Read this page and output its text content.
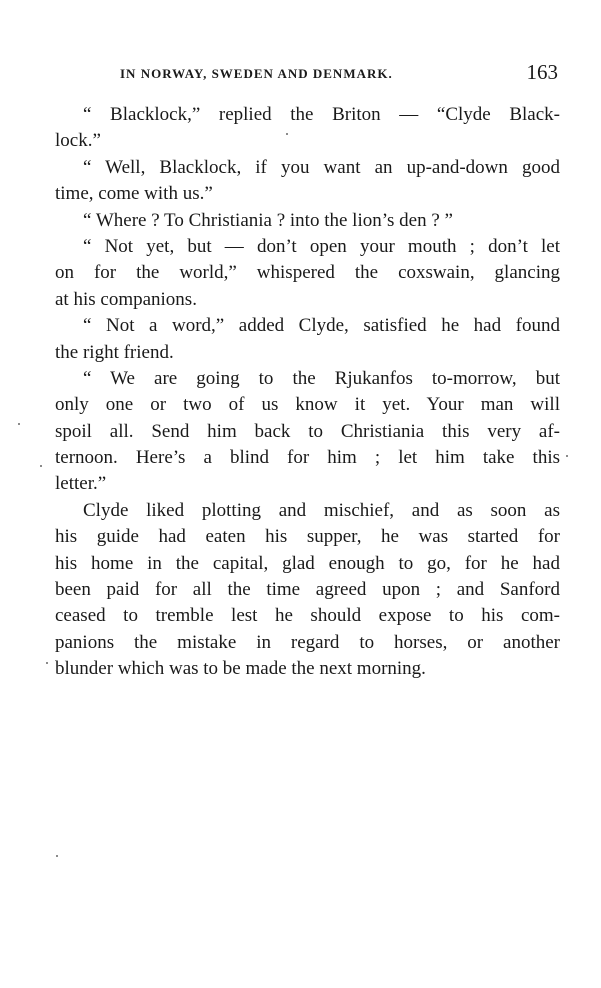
IN NORWAY, SWEDEN AND DENMARK.	163
“ Blacklock,” replied the Briton — “Clyde Black-
lock.”
“ Well, Blacklock, if you want an up-and-down good
time, come with us.”
“ Where ? To Christiania ? into the lion’s den ? ”
“ Not yet, but — don’t open your mouth ; don’t let
on for the world,” whispered the coxswain, glancing
at his companions.
“ Not a word,” added Clyde, satisfied he had found
the right friend.
“ We are going to the Rjukanfos to-morrow, but
only one or two of us know it yet. Your man will
spoil all. Send him back to Christiania this very af-
ternoon. Here’s a blind for him ; let him take this
letter.”
Clyde liked plotting and mischief, and as soon as
his guide had eaten his supper, he was started for
his home in the capital, glad enough to go, for he had
been paid for all the time agreed upon ; and Sanford
ceased to tremble lest he should expose to his com-
panions the mistake in regard to horses, or another
blunder which was to be made the next morning.
